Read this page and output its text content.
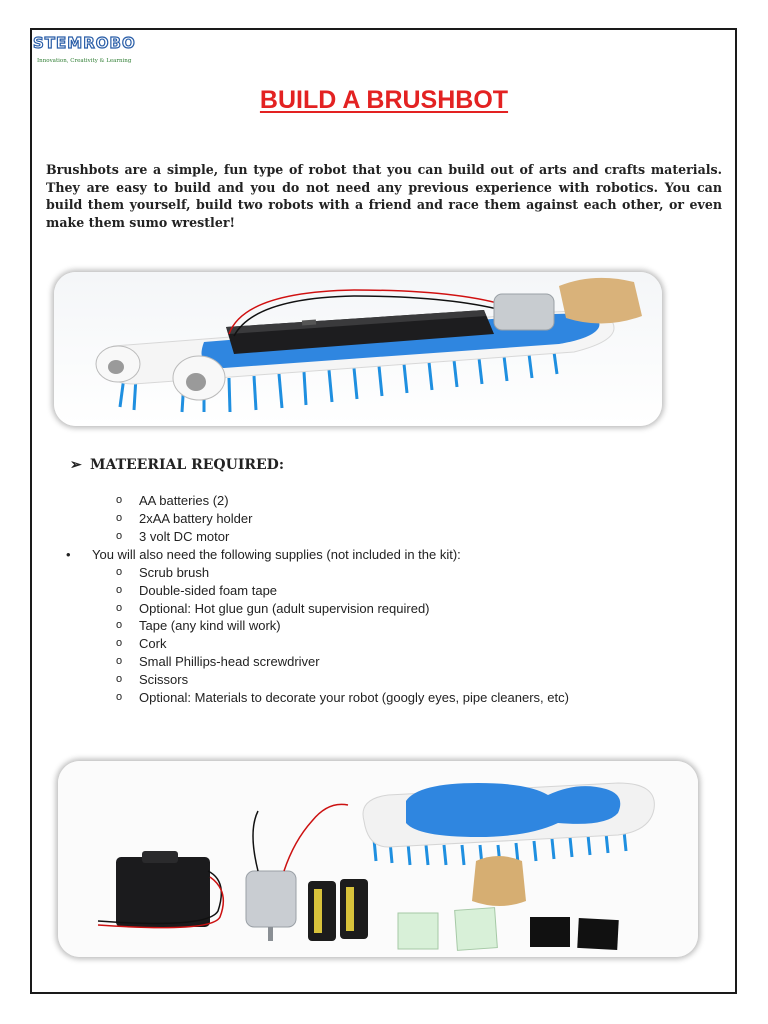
STEMROBO
Innovation, Creativity & Learning
BUILD A BRUSHBOT
Brushbots are a simple, fun type of robot that you can build out of arts and crafts materials. They are easy to build and you do not need any previous experience with robotics. You can build them yourself, build two robots with a friend and race them against each other, or even make them sumo wrestler!
➢ MATEERIAL REQUIRED:
o AA batteries (2)
o 2xAA battery holder
o 3 volt DC motor
• You will also need the following supplies (not included in the kit):
o Scrub brush
o Double-sided foam tape
o Optional: Hot glue gun (adult supervision required)
o Tape (any kind will work)
o Cork
o Small Phillips-head screwdriver
o Scissors
o Optional: Materials to decorate your robot (googly eyes, pipe cleaners, etc)
